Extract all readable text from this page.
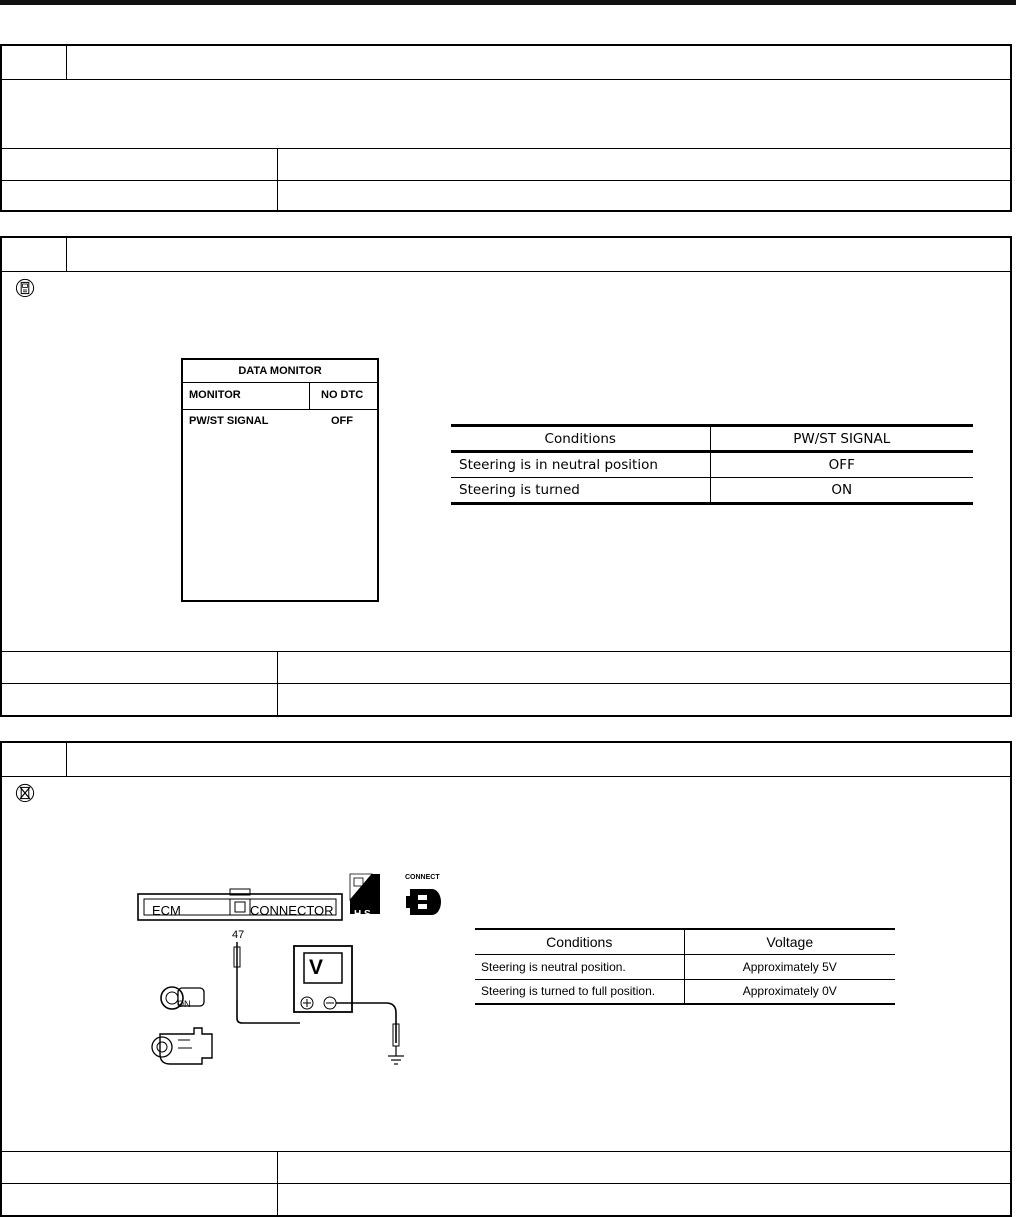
DATA MONITOR
MONITOR	NO DTC
PW/ST SIGNAL	OFF
Conditions	PW/ST SIGNAL
Steering is in neutral position	OFF
Steering is turned	ON
ECM	CONNECTOR
47
H.S.
CONNECT
V
ON
Conditions	Voltage
Steering is neutral position.	Approximately 5V
Steering is turned to full position.	Approximately 0V
